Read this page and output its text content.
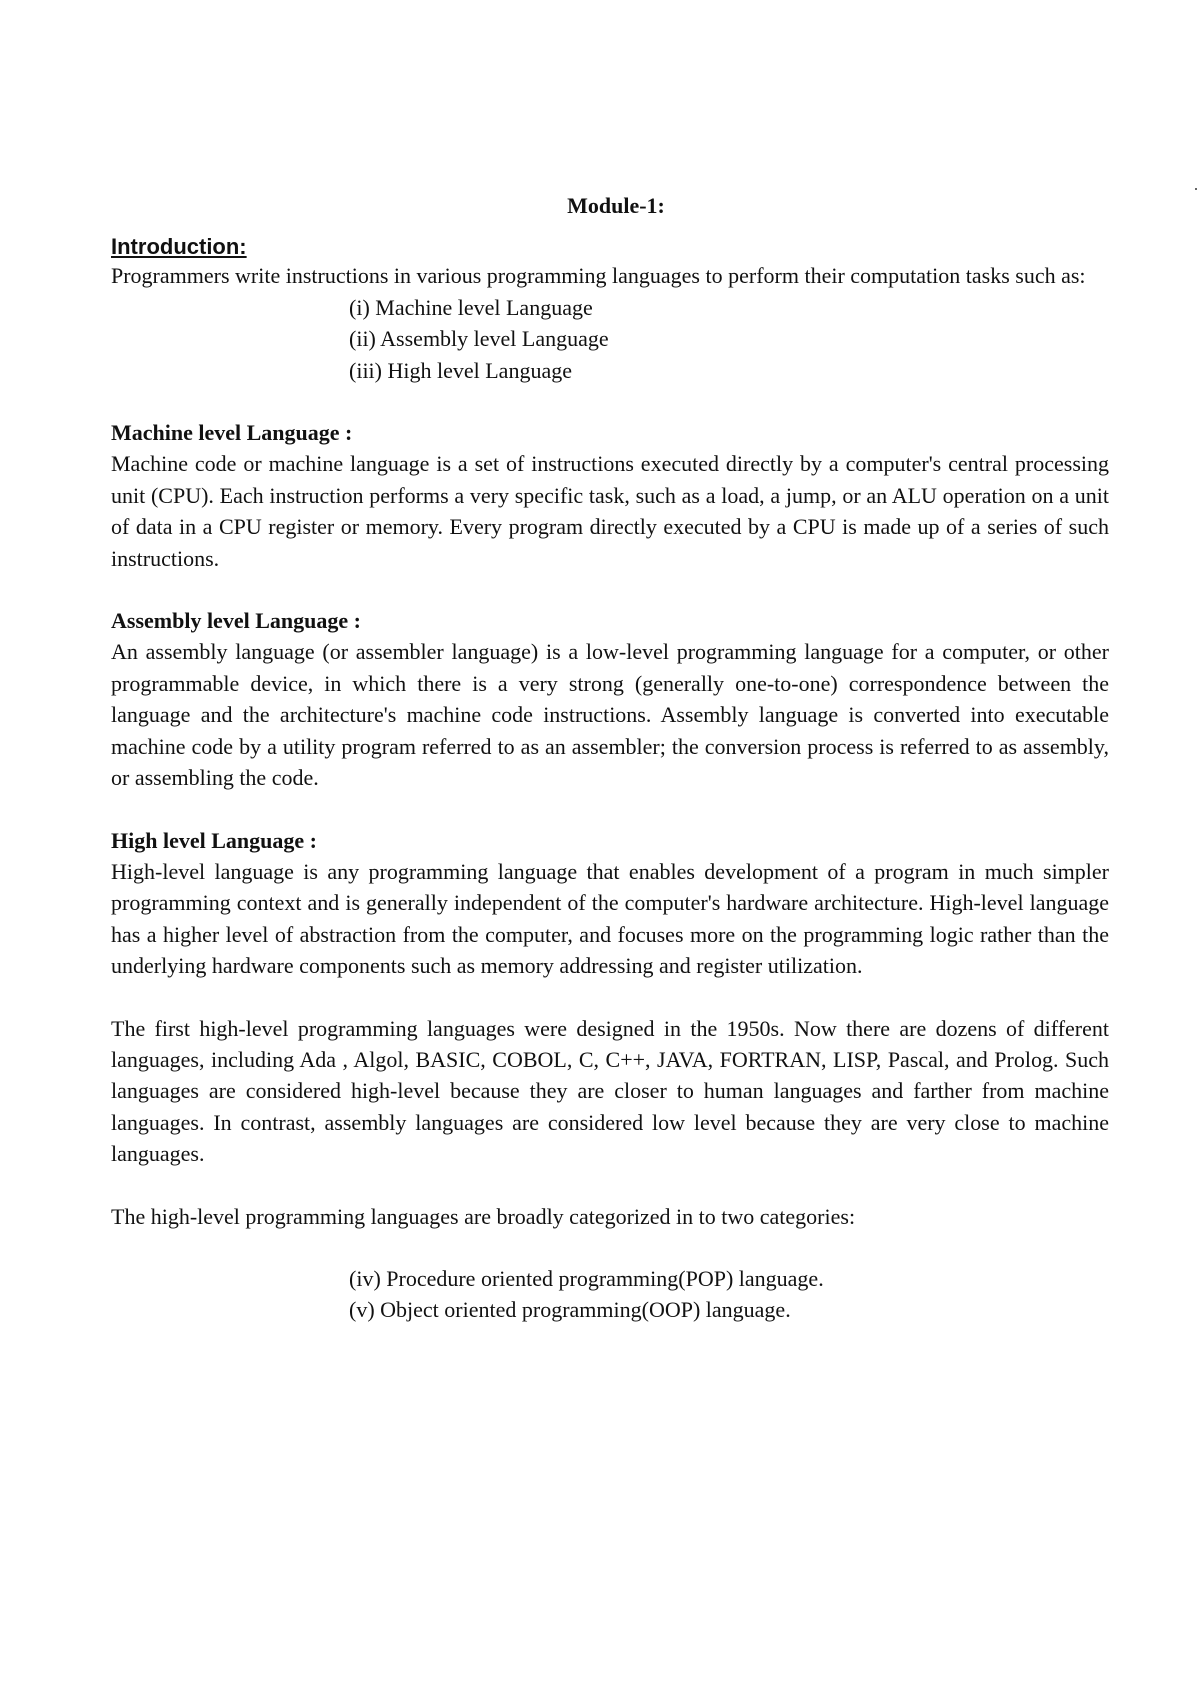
Module-1:
Introduction:

Programmers write instructions in various programming languages to perform their computation tasks such as:

(i) Machine level Language
(ii) Assembly level Language
(iii) High level Language
Machine level Language :

Machine code or machine language is a set of instructions executed directly by a computer's central processing unit (CPU). Each instruction performs a very specific task, such as a load, a jump, or an ALU operation on a unit of data in a CPU register or memory. Every program directly executed by a CPU is made up of a series of such instructions.

Assembly level Language :

An assembly language (or assembler language) is a low-level programming language for a computer, or other programmable device, in which there is a very strong (generally one-to-one) correspondence between the language and the architecture's machine code instructions. Assembly language is converted into executable machine code by a utility program referred to as an assembler; the conversion process is referred to as assembly, or assembling the code.

High level Language :

High-level language is any programming language that enables development of a program in much simpler programming context and is generally independent of the computer's hardware architecture. High-level language has a higher level of abstraction from the computer, and focuses more on the programming logic rather than the underlying hardware components such as memory addressing and register utilization.

The first high-level programming languages were designed in the 1950s. Now there are dozens of different languages, including Ada , Algol, BASIC, COBOL, C, C++, JAVA, FORTRAN, LISP, Pascal, and Prolog. Such languages are considered high-level because they are closer to human languages and farther from machine languages. In contrast, assembly languages are considered low level because they are very close to machine languages.

The high-level programming languages are broadly categorized in to two categories:

(iv) Procedure oriented programming(POP) language.
(v) Object oriented programming(OOP) language.
